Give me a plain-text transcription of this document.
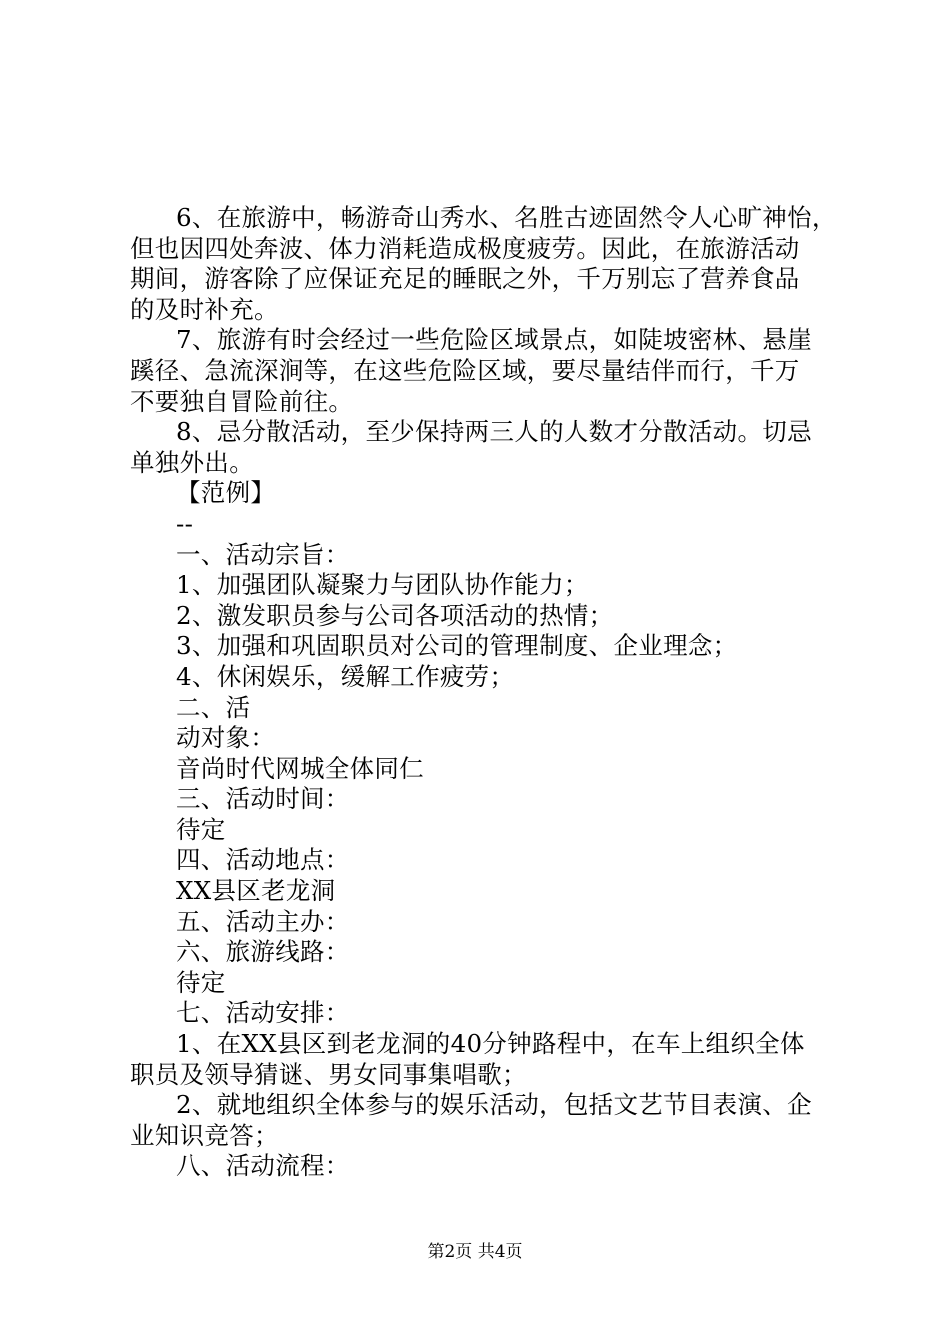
6、在旅游中，畅游奇山秀水、名胜古迹固然令人心旷神怡，
但也因四处奔波、体力消耗造成极度疲劳。因此，在旅游活动
期间，游客除了应保证充足的睡眠之外，千万别忘了营养食品
的及时补充。
7、旅游有时会经过一些危险区域景点，如陡坡密林、悬崖
蹊径、急流深涧等，在这些危险区域，要尽量结伴而行，千万
不要独自冒险前往。
8、忌分散活动，至少保持两三人的人数才分散活动。切忌
单独外出。
【范例】
--
一、活动宗旨：
1、加强团队凝聚力与团队协作能力；
2、激发职员参与公司各项活动的热情；
3、加强和巩固职员对公司的管理制度、企业理念；
4、休闲娱乐，缓解工作疲劳；
二、活
动对象：
音尚时代网城全体同仁
三、活动时间：
待定
四、活动地点：
XX县区老龙洞
五、活动主办：
六、旅游线路：
待定
七、活动安排：
1、在XX县区到老龙洞的40分钟路程中，在车上组织全体
职员及领导猜谜、男女同事集唱歌；
2、就地组织全体参与的娱乐活动，包括文艺节目表演、企
业知识竞答；
八、活动流程：
第2页 共4页
